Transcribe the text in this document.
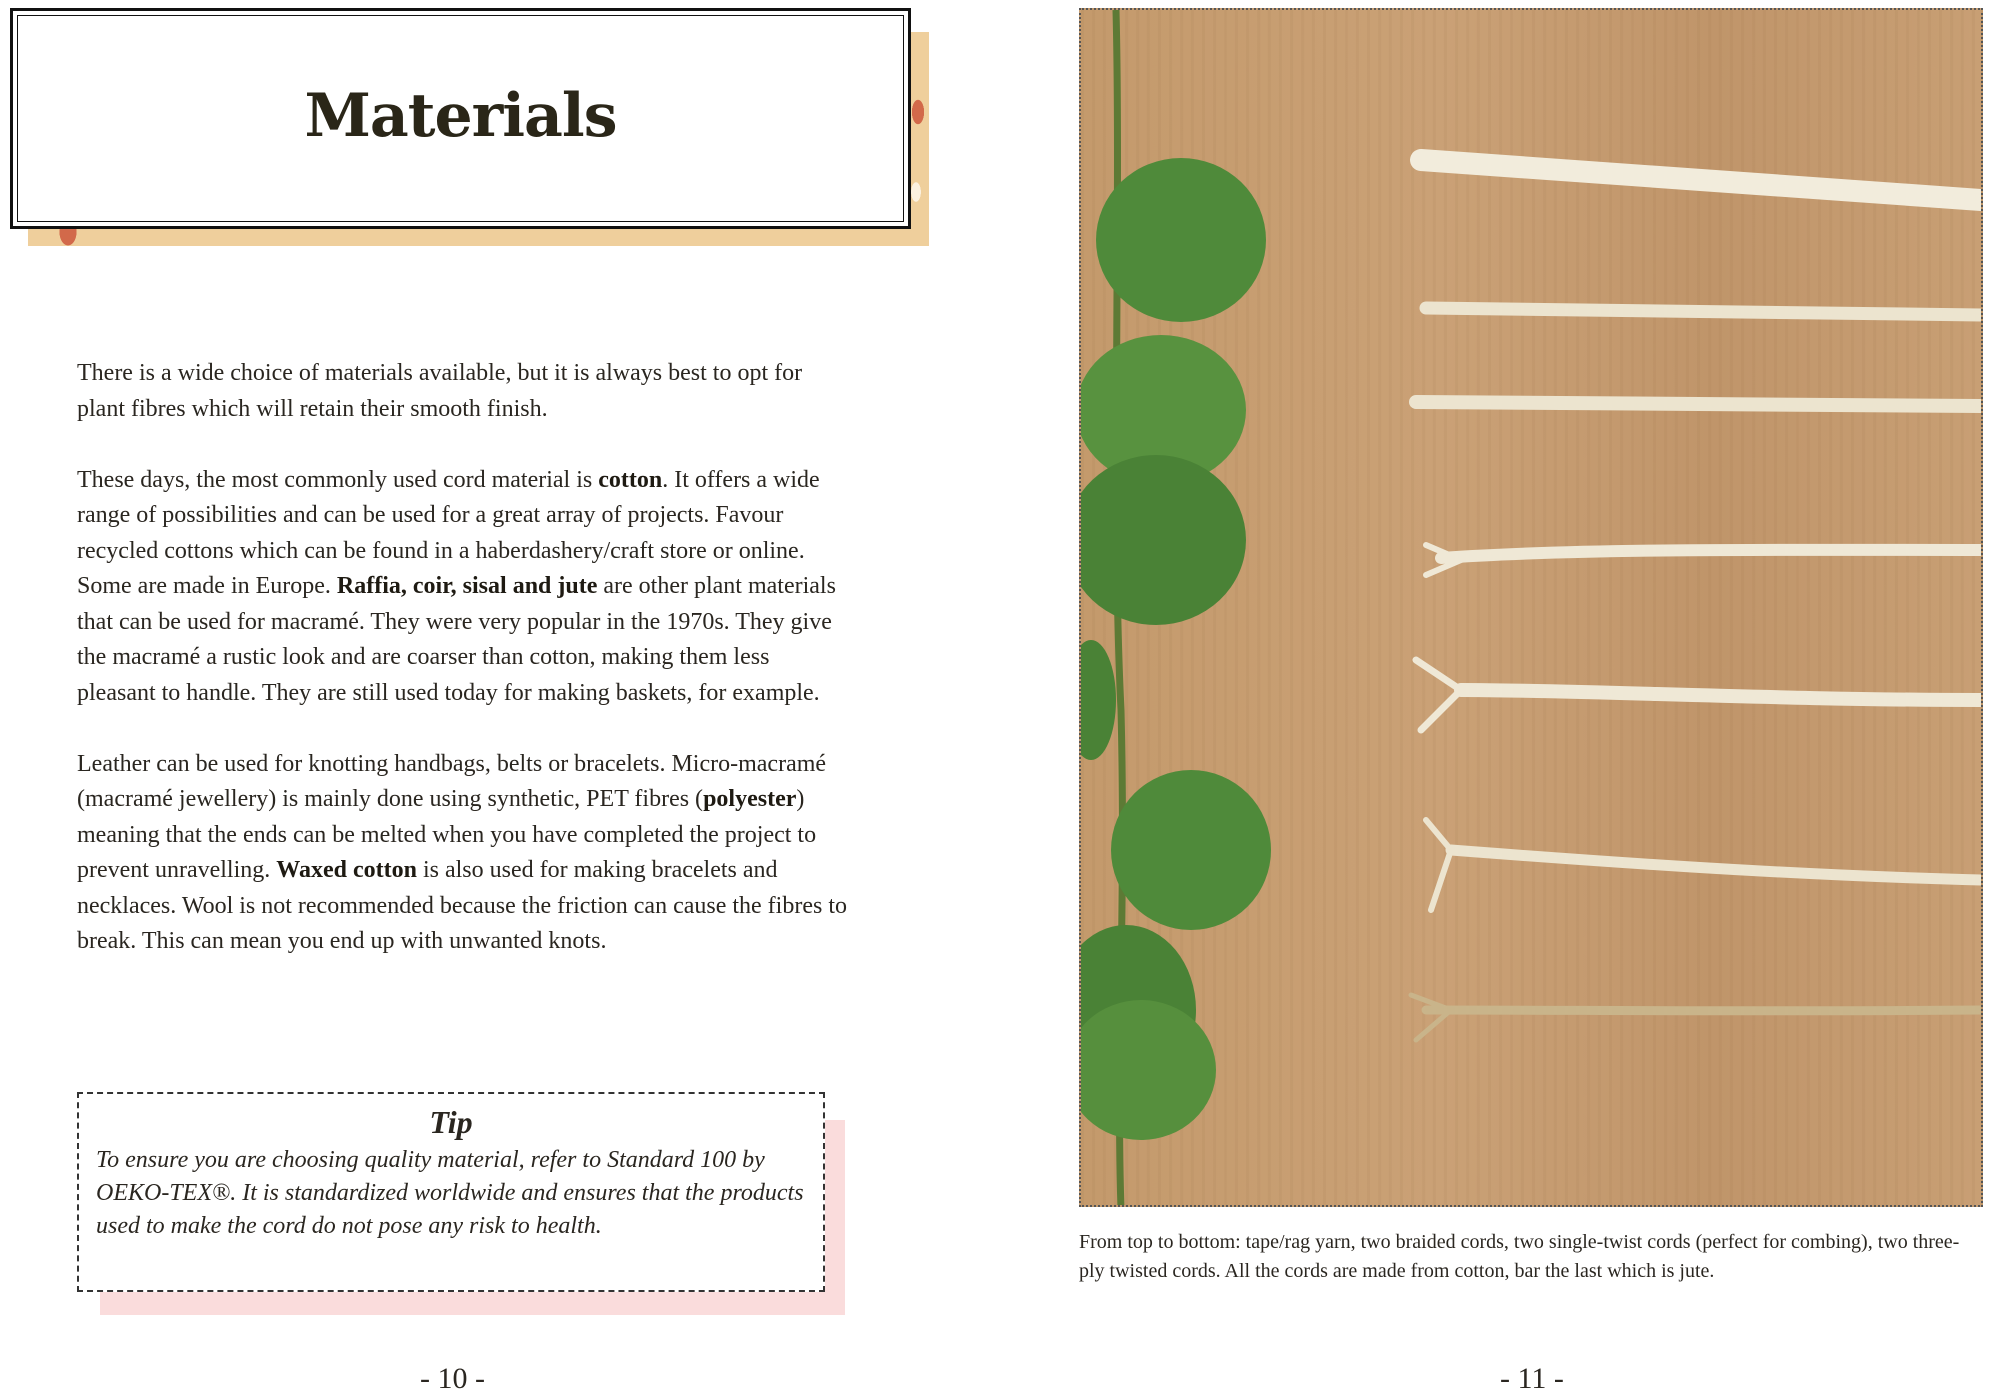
Materials

There is a wide choice of materials available, but it is always best to opt for plant fibres which will retain their smooth finish.

These days, the most commonly used cord material is cotton. It offers a wide range of possibilities and can be used for a great array of projects. Favour recycled cottons which can be found in a haberdashery/craft store or online. Some are made in Europe. Raffia, coir, sisal and jute are other plant materials that can be used for macramé. They were very popular in the 1970s. They give the macramé a rustic look and are coarser than cotton, making them less pleasant to handle. They are still used today for making baskets, for example.

Leather can be used for knotting handbags, belts or bracelets. Micro-macramé (macramé jewellery) is mainly done using synthetic, PET fibres (polyester) meaning that the ends can be melted when you have completed the project to prevent unravelling. Waxed cotton is also used for making bracelets and necklaces. Wool is not recommended because the friction can cause the fibres to break. This can mean you end up with unwanted knots.

Tip
To ensure you are choosing quality material, refer to Standard 100 by OEKO-TEX®. It is standardized worldwide and ensures that the products used to make the cord do not pose any risk to health.
- 10 -
From top to bottom: tape/rag yarn, two braided cords, two single-twist cords (perfect for combing), two three-ply twisted cords. All the cords are made from cotton, bar the last which is jute.
- 11 -
